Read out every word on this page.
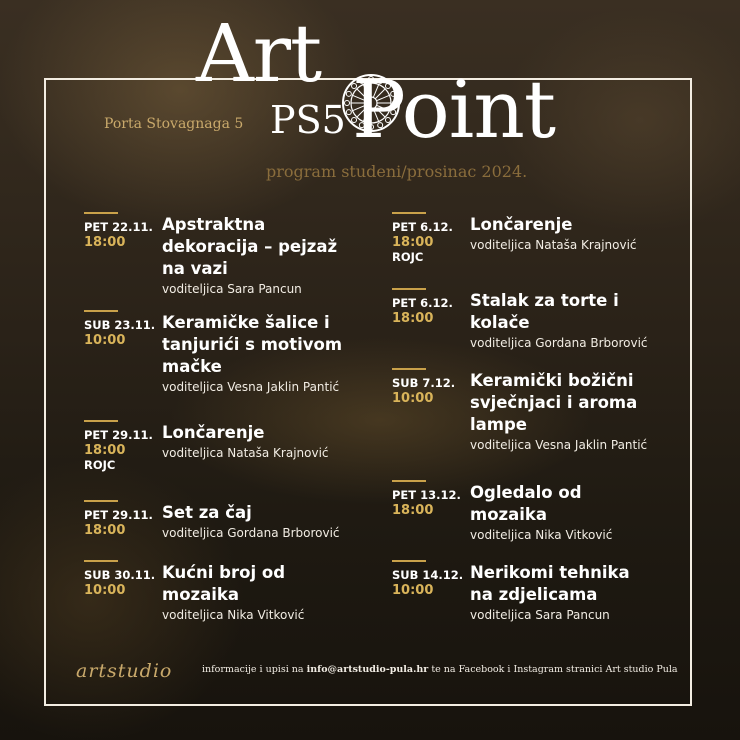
Art
PS5 Point
Porta Stovagnaga 5
program studeni/prosinac 2024.
PET 22.11.
18:00
Apstraktna dekoracija – pejzaž na vazi
voditeljica Sara Pancun
SUB 23.11.
10:00
Keramičke šalice i tanjurići s motivom mačke
voditeljica Vesna Jaklin Pantić
PET 29.11.
18:00
ROJC
Lončarenje
voditeljica Nataša Krajnović
PET 29.11.
18:00
Set za čaj
voditeljica Gordana Brborović
SUB 30.11.
10:00
Kućni broj od mozaika
voditeljica Nika Vitković
PET 6.12.
18:00
ROJC
Lončarenje
voditeljica Nataša Krajnović
PET 6.12.
18:00
Stalak za torte i kolače
voditeljica Gordana Brborović
SUB 7.12.
10:00
Keramički božični svječnjaci i aroma lampe
voditeljica Vesna Jaklin Pantić
PET 13.12.
18:00
Ogledalo od mozaika
voditeljica Nika Vitković
SUB 14.12.
10:00
Nerikomi tehnika na zdjelicama
voditeljica Sara Pancun
artstudio	informacije i upisi na info@artstudio-pula.hr te na Facebook i Instagram stranici Art studio Pula
